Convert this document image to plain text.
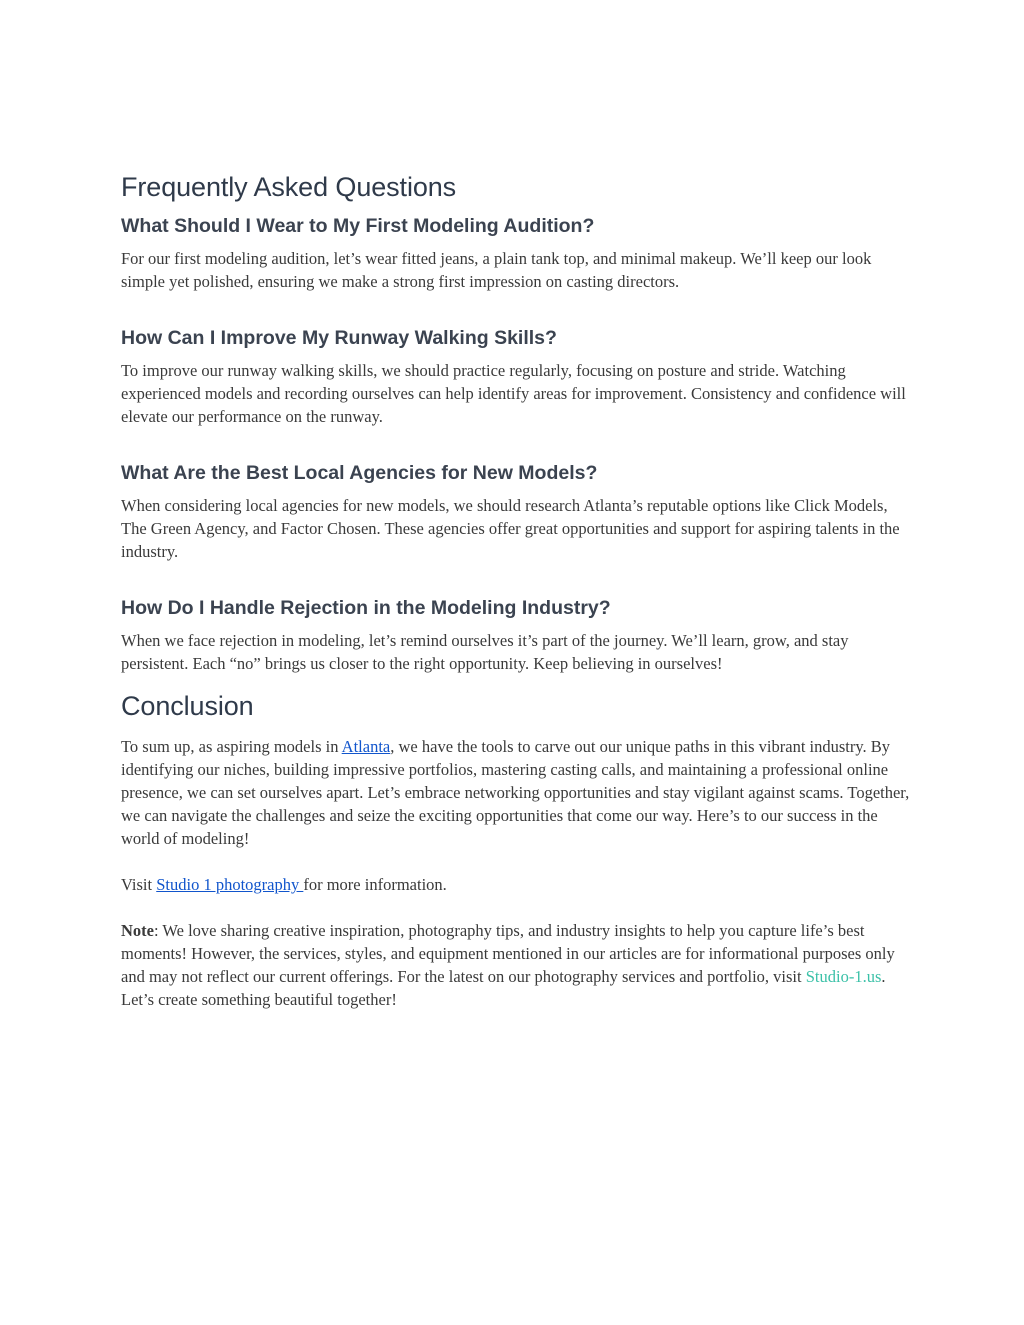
Frequently Asked Questions
What Should I Wear to My First Modeling Audition?

For our first modeling audition, let’s wear fitted jeans, a plain tank top, and minimal makeup. We’ll keep our look simple yet polished, ensuring we make a strong first impression on casting directors.

How Can I Improve My Runway Walking Skills?

To improve our runway walking skills, we should practice regularly, focusing on posture and stride. Watching experienced models and recording ourselves can help identify areas for improvement. Consistency and confidence will elevate our performance on the runway.

What Are the Best Local Agencies for New Models?

When considering local agencies for new models, we should research Atlanta’s reputable options like Click Models, The Green Agency, and Factor Chosen. These agencies offer great opportunities and support for aspiring talents in the industry.

How Do I Handle Rejection in the Modeling Industry?

When we face rejection in modeling, let’s remind ourselves it’s part of the journey. We’ll learn, grow, and stay persistent. Each “no” brings us closer to the right opportunity. Keep believing in ourselves!

Conclusion

To sum up, as aspiring models in Atlanta, we have the tools to carve out our unique paths in this vibrant industry. By identifying our niches, building impressive portfolios, mastering casting calls, and maintaining a professional online presence, we can set ourselves apart. Let’s embrace networking opportunities and stay vigilant against scams. Together, we can navigate the challenges and seize the exciting opportunities that come our way. Here’s to our success in the world of modeling!

Visit Studio 1 photography for more information.

Note: We love sharing creative inspiration, photography tips, and industry insights to help you capture life’s best moments! However, the services, styles, and equipment mentioned in our articles are for informational purposes only and may not reflect our current offerings. For the latest on our photography services and portfolio, visit Studio-1.us. Let’s create something beautiful together!
